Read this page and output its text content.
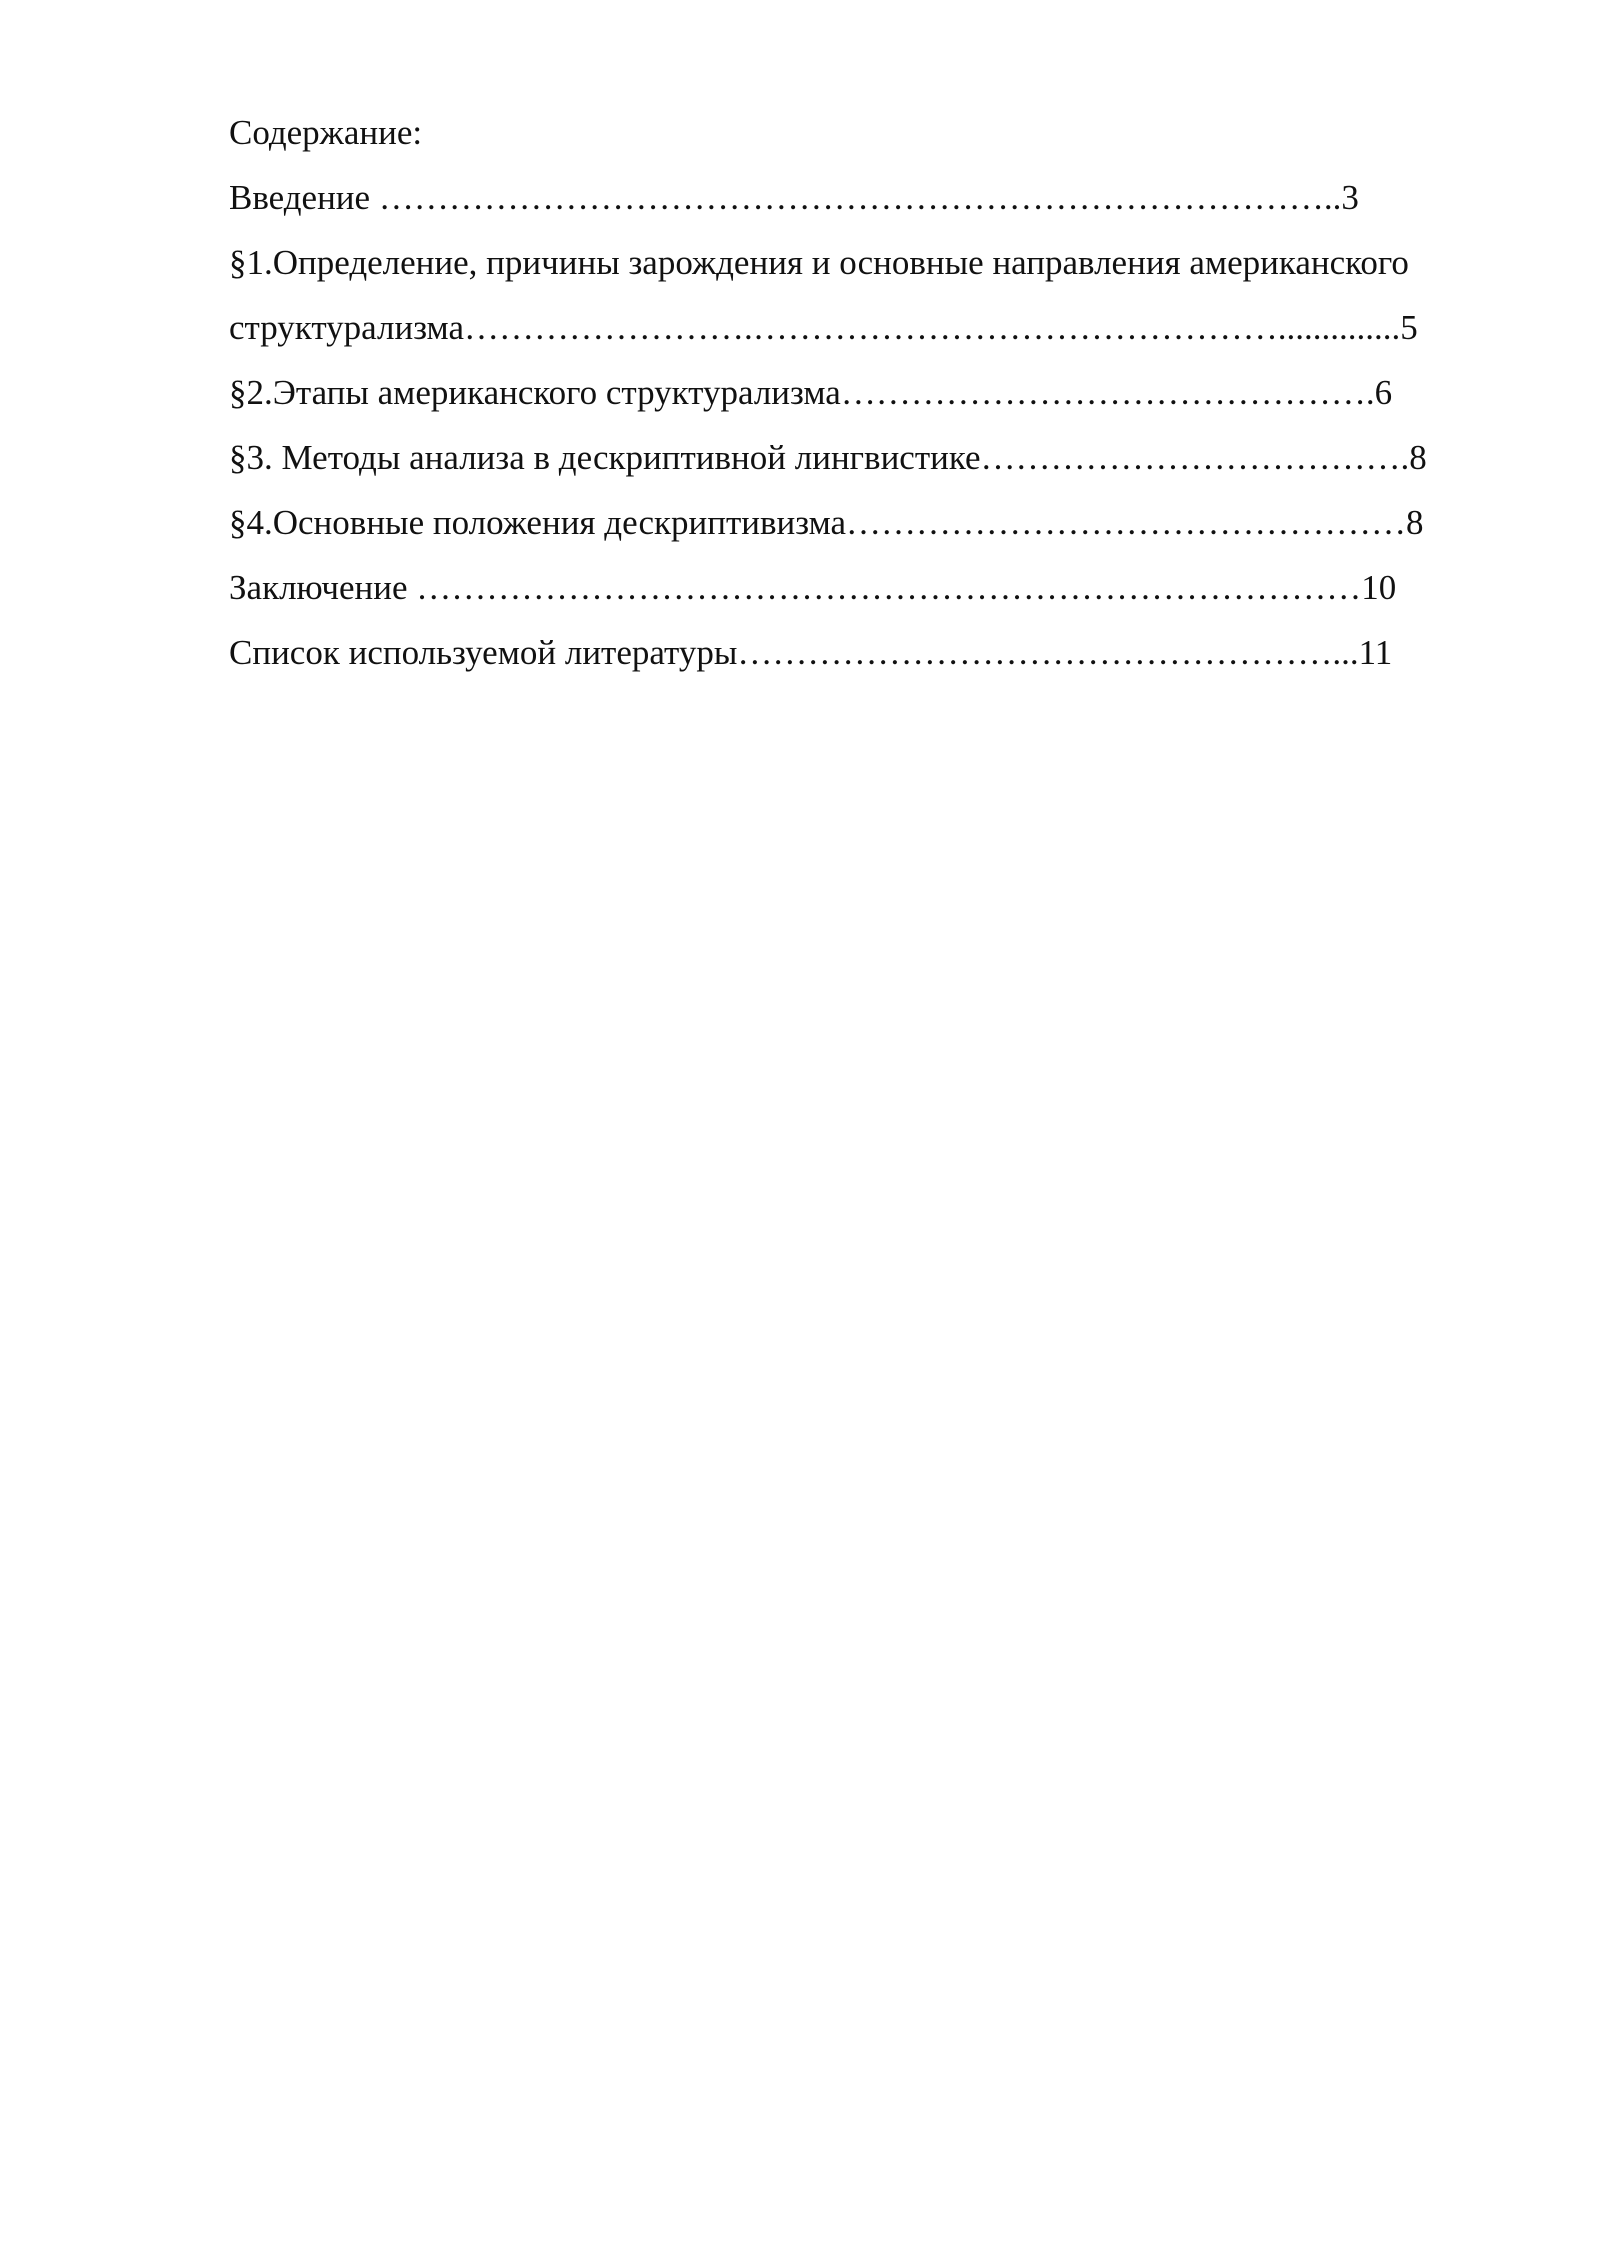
Содержание:
Введение ………………………………………………………………………..3
§1.Определение, причины зарождения и основные направления американского
структурализма…………………….………………………………………..............5
§2.Этапы американского структурализма……………………………………….6
§3. Методы анализа в дескриптивной лингвистике……………………………….8
§4.Основные положения дескриптивизма…………………………………………8
Заключение ………………………………………………………………………10
Список используемой литературы……………………………………………...11
